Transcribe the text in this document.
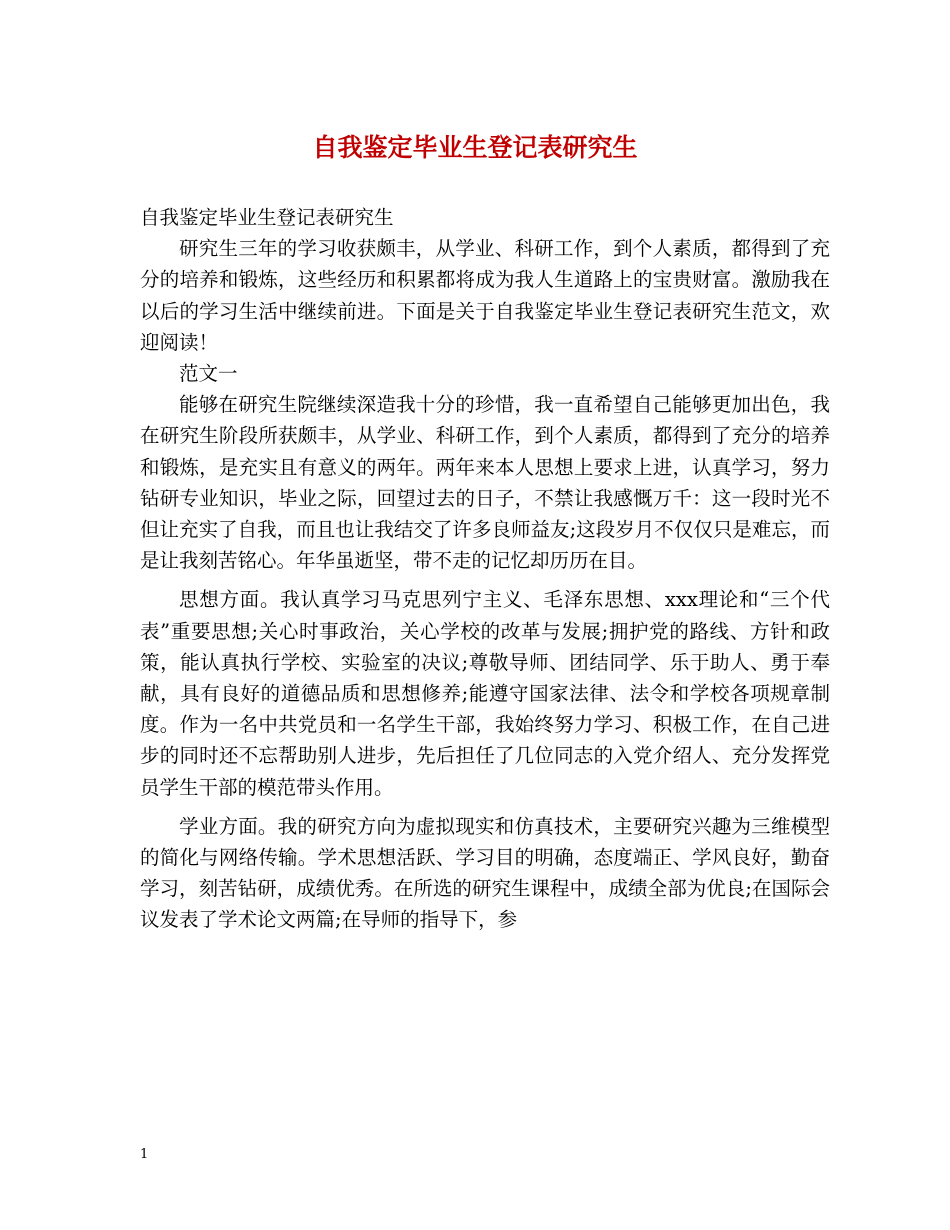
自我鉴定毕业生登记表研究生

自我鉴定毕业生登记表研究生

研究生三年的学习收获颇丰，从学业、科研工作，到个人素质，都得到了充分的培养和锻炼，这些经历和积累都将成为我人生道路上的宝贵财富。激励我在以后的学习生活中继续前进。下面是关于自我鉴定毕业生登记表研究生范文，欢迎阅读！

范文一

能够在研究生院继续深造我十分的珍惜，我一直希望自己能够更加出色，我在研究生阶段所获颇丰，从学业、科研工作，到个人素质，都得到了充分的培养和锻炼，是充实且有意义的两年。两年来本人思想上要求上进，认真学习，努力钻研专业知识，毕业之际，回望过去的日子，不禁让我感慨万千：这一段时光不但让充实了自我，而且也让我结交了许多良师益友;这段岁月不仅仅只是难忘，而是让我刻苦铭心。年华虽逝坚，带不走的记忆却历历在目。

思想方面。我认真学习马克思列宁主义、毛泽东思想、xxx理论和“三个代表”重要思想;关心时事政治，关心学校的改革与发展;拥护党的路线、方针和政策，能认真执行学校、实验室的决议;尊敬导师、团结同学、乐于助人、勇于奉献，具有良好的道德品质和思想修养;能遵守国家法律、法令和学校各项规章制度。作为一名中共党员和一名学生干部，我始终努力学习、积极工作，在自己进步的同时还不忘帮助别人进步，先后担任了几位同志的入党介绍人、充分发挥党员学生干部的模范带头作用。

学业方面。我的研究方向为虚拟现实和仿真技术，主要研究兴趣为三维模型的简化与网络传输。学术思想活跃、学习目的明确，态度端正、学风良好，勤奋学习，刻苦钻研，成绩优秀。在所选的研究生课程中，成绩全部为优良;在国际会议发表了学术论文两篇;在导师的指导下，参

1
